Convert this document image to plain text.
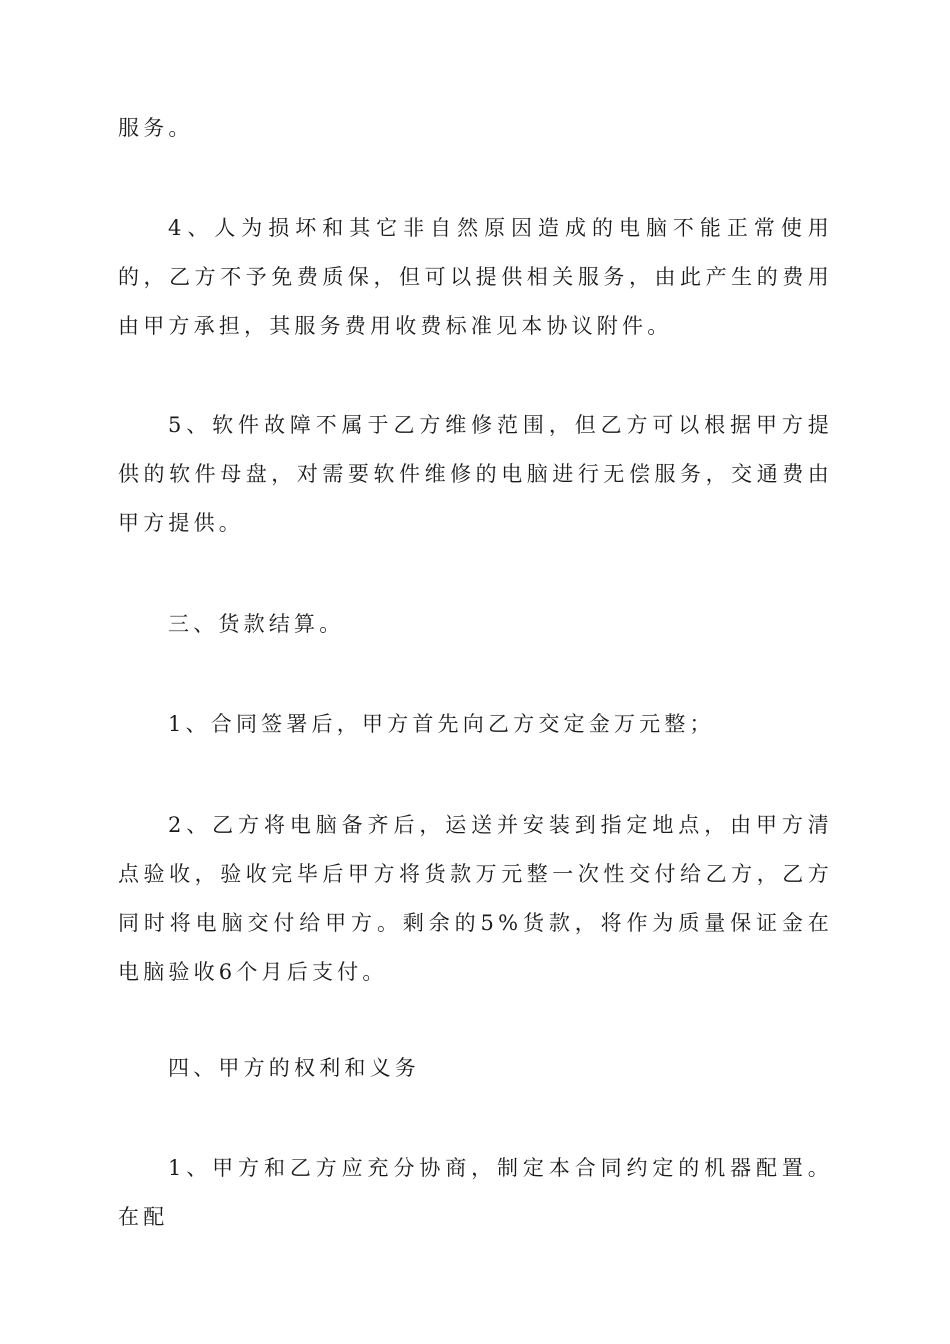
服务。

4、人为损坏和其它非自然原因造成的电脑不能正常使用的，乙方不予免费质保，但可以提供相关服务，由此产生的费用由甲方承担，其服务费用收费标准见本协议附件。

5、软件故障不属于乙方维修范围，但乙方可以根据甲方提供的软件母盘，对需要软件维修的电脑进行无偿服务，交通费由甲方提供。

三、货款结算。

1、合同签署后，甲方首先向乙方交定金万元整；

2、乙方将电脑备齐后，运送并安装到指定地点，由甲方清点验收，验收完毕后甲方将货款万元整一次性交付给乙方，乙方同时将电脑交付给甲方。剩余的5%货款，将作为质量保证金在电脑验收6个月后支付。

四、甲方的权利和义务

1、甲方和乙方应充分协商，制定本合同约定的机器配置。在配
